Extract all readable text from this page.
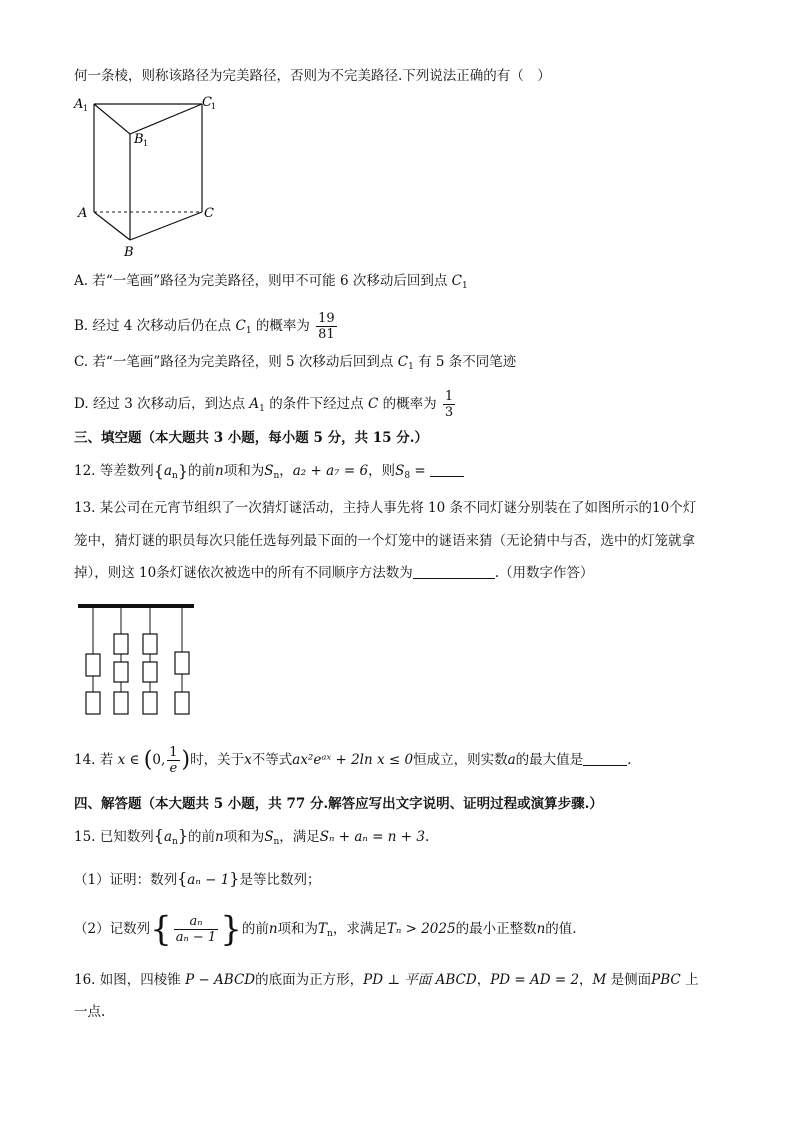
何一条棱，则称该路径为完美路径，否则为不完美路径.下列说法正确的有（　）
A 1	C 1
B 1
A	C
B
A. 若“一笔画”路径为完美路径，则甲不可能 6 次移动后回到点 $C_1$
B. 经过 4 次移动后仍在点 $C_1$ 的概率为 $\frac{19}{81}$
C. 若“一笔画”路径为完美路径，则 5 次移动后回到点 $C_1$ 有 5 条不同笔迹
D. 经过 3 次移动后，到达点 $A_1$ 的条件下经过点 C 的概率为 $\frac{1}{3}$
三、填空题（本大题共 3 小题，每小题 5 分，共 15 分.）
12. 等差数列$\{a_n\}$的前n项和为$S_n$，a₂ + a₇ = 6，则$S_8$ =
13. 某公司在元宵节组织了一次猜灯谜活动，主持人事先将 10 条不同灯谜分别装在了如图所示的10个灯
笼中，猜灯谜的职员每次只能任选每列最下面的一个灯笼中的谜语来猜（无论猜中与否，选中的灯笼就拿
掉），则这 10条灯谜依次被选中的所有不同顺序方法数为	.（用数字作答）
14. 若 x ∈ (0, $\frac{1}{e}$ )时，关于x不等式ax²eᵃˣ + 2ln x ≤ 0恒成立，则实数a的最大值是	.
四、解答题（本大题共 5 小题，共 77 分.解答应写出文字说明、证明过程或演算步骤.）
15. 已知数列$\{a_n\}$的前n项和为$S_n$，满足Sₙ + aₙ = n + 3.
（1）证明：数列{aₙ − 1}是等比数列；
（2）记数列{ $\frac{\text{aₙ}}{\text{aₙ − 1}}$ }的前n项和为$T_n$，求满足Tₙ > 2025的最小正整数n的值.
16. 如图，四棱锥 P − ABCD的底面为正方形，PD ⊥ 平面 ABCD，PD = AD = 2，M 是侧面PBC 上
一点.
